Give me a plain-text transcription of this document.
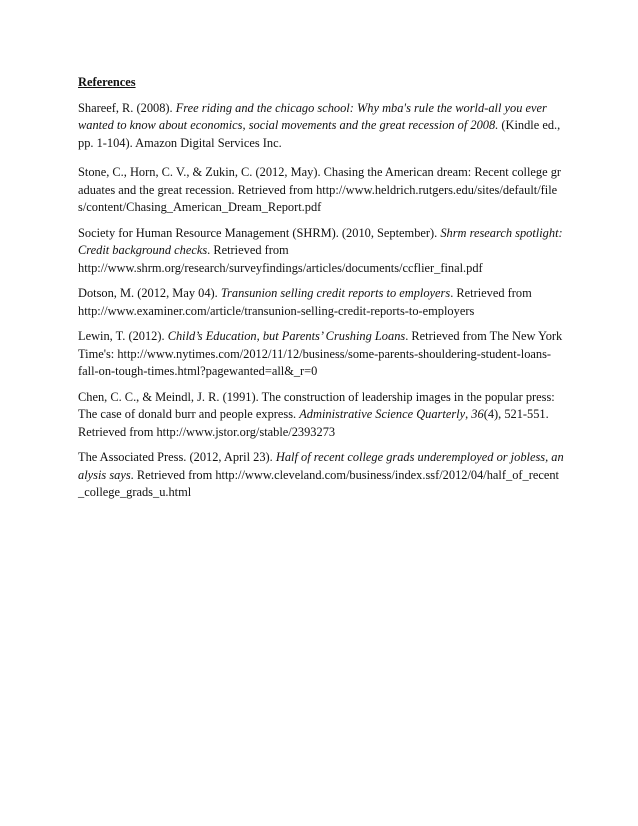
References
Shareef, R. (2008). Free riding and the chicago school: Why mba's rule the world-all you ever wanted to know about economics, social movements and the great recession of 2008. (Kindle ed., pp. 1-104). Amazon Digital Services Inc.
Stone, C., Horn, C. V., & Zukin, C. (2012, May). Chasing the American dream: Recent college graduates and the great recession. Retrieved from http://www.heldrich.rutgers.edu/sites/default/files/content/Chasing_American_Dream_Report.pdf
Society for Human Resource Management (SHRM). (2010, September). Shrm research spotlight: Credit background checks. Retrieved from http://www.shrm.org/research/surveyfindings/articles/documents/ccflier_final.pdf
Dotson, M. (2012, May 04). Transunion selling credit reports to employers. Retrieved from http://www.examiner.com/article/transunion-selling-credit-reports-to-employers
Lewin, T. (2012). Child’s Education, but Parents’ Crushing Loans. Retrieved from The New York Time's: http://www.nytimes.com/2012/11/12/business/some-parents-shouldering-student-loans-fall-on-tough-times.html?pagewanted=all&_r=0
Chen, C. C., & Meindl, J. R. (1991). The construction of leadership images in the popular press: The case of donald burr and people express. Administrative Science Quarterly, 36(4), 521-551. Retrieved from http://www.jstor.org/stable/2393273
The Associated Press. (2012, April 23). Half of recent college grads underemployed or jobless, analysis says. Retrieved from http://www.cleveland.com/business/index.ssf/2012/04/half_of_recent_college_grads_u.html
